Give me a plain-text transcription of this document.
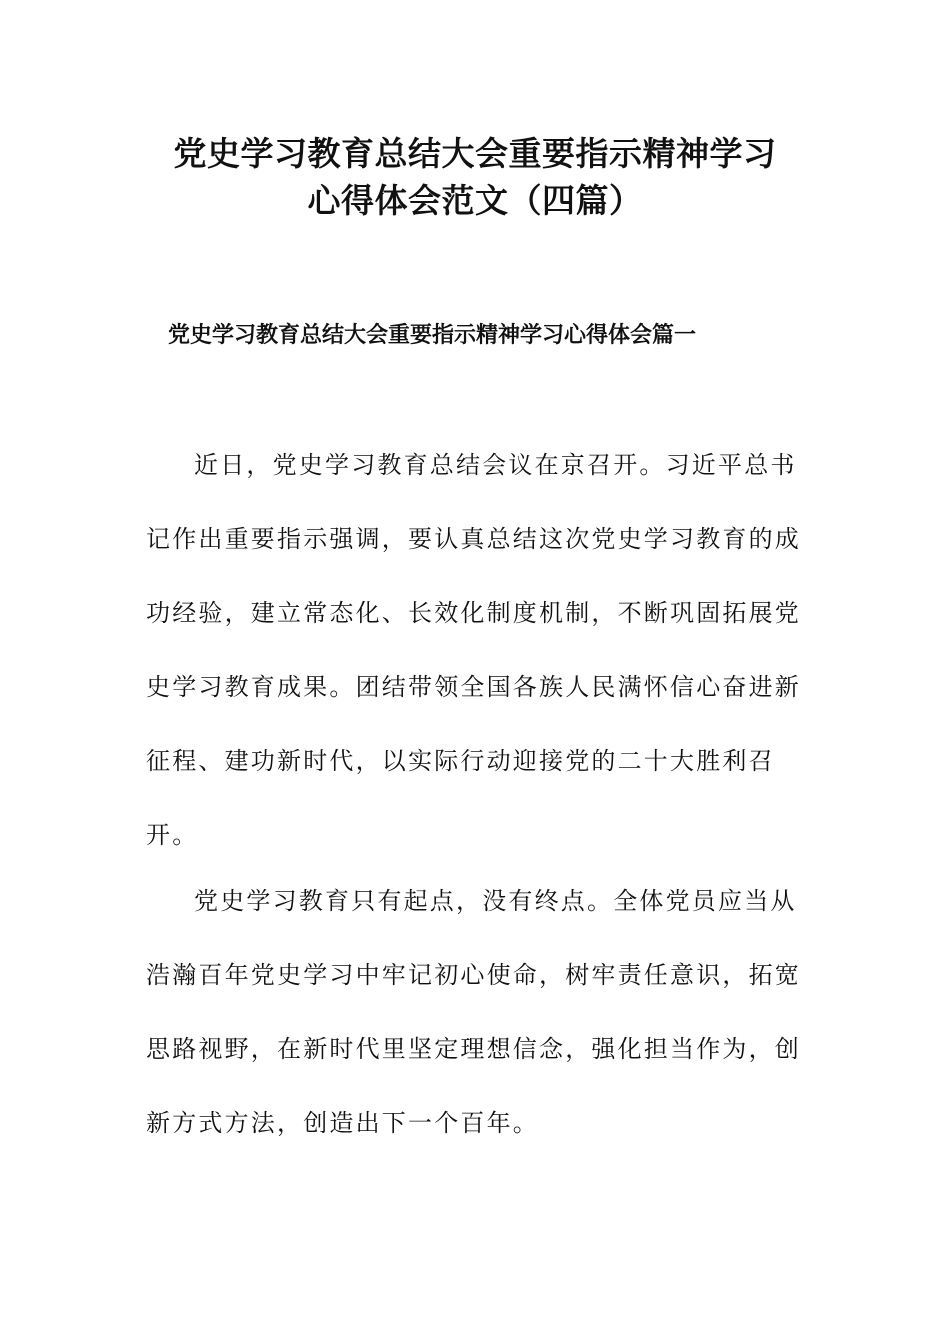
党史学习教育总结大会重要指示精神学习
心得体会范文（四篇）
党史学习教育总结大会重要指示精神学习心得体会篇一
近日，党史学习教育总结会议在京召开。习近平总书
记作出重要指示强调，要认真总结这次党史学习教育的成
功经验，建立常态化、长效化制度机制，不断巩固拓展党
史学习教育成果。团结带领全国各族人民满怀信心奋进新
征程、建功新时代，以实际行动迎接党的二十大胜利召
开。
党史学习教育只有起点，没有终点。全体党员应当从
浩瀚百年党史学习中牢记初心使命，树牢责任意识，拓宽
思路视野，在新时代里坚定理想信念，强化担当作为，创
新方式方法，创造出下一个百年。
